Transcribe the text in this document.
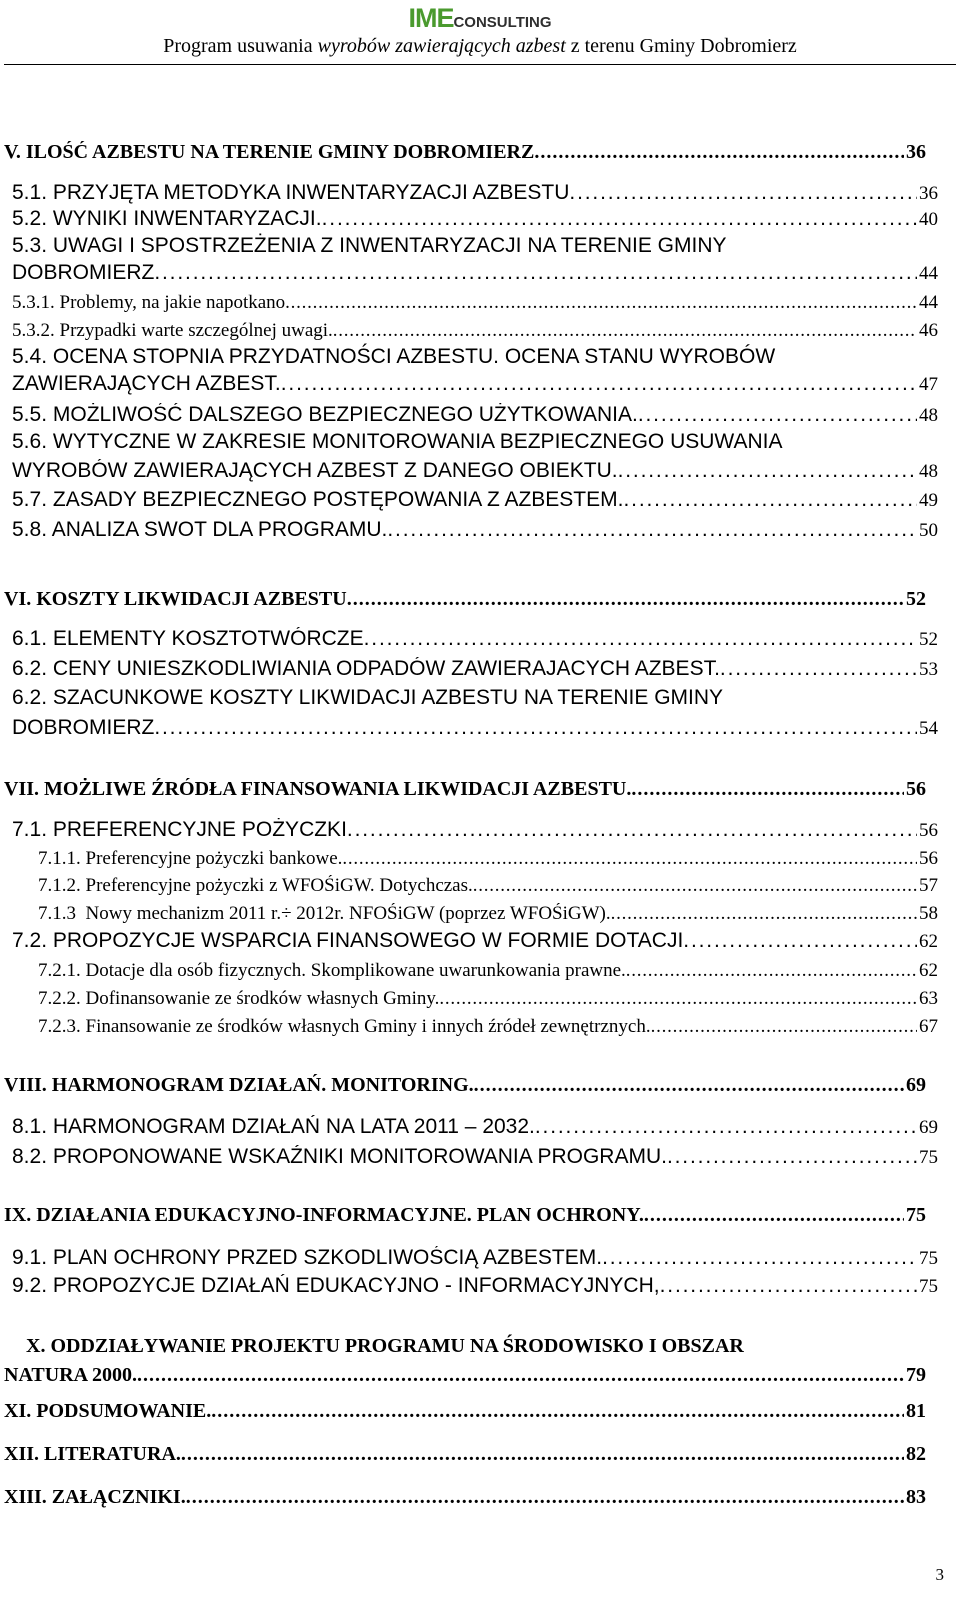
IMECONSULTING
Program usuwania wyrobów zawierających azbest z terenu Gminy Dobromierz
V. ILOŚĆ AZBESTU NA TERENIE GMINY DOBROMIERZ . . .	36
5.1. PRZYJĘTA METODYKA INWENTARYZACJI AZBESTU . . .	36
5.2. WYNIKI INWENTARYZACJI. . . .	40
5.3. UWAGI I SPOSTRZEŻENIA Z INWENTARYZACJI NA TERENIE GMINY
DOBROMIERZ . . .	44
5.3.1. Problemy, na jakie napotkano . . .	44
5.3.2. Przypadki warte szczególnej uwagi. . . .	46
5.4. OCENA STOPNIA PRZYDATNOŚCI AZBESTU. OCENA STANU WYROBÓW
ZAWIERAJĄCYCH AZBEST. . . .	47
5.5. MOŻLIWOŚĆ DALSZEGO BEZPIECZNEGO UŻYTKOWANIA. . . .	48
5.6. WYTYCZNE W ZAKRESIE MONITOROWANIA BEZPIECZNEGO USUWANIA
WYROBÓW ZAWIERAJĄCYCH AZBEST Z DANEGO OBIEKTU. . . .	48
5.7. ZASADY BEZPIECZNEGO POSTĘPOWANIA Z AZBESTEM. . . .	49
5.8. ANALIZA SWOT DLA PROGRAMU. . . .	50
VI. KOSZTY LIKWIDACJI AZBESTU . . .	52
6.1. ELEMENTY KOSZTOTWÓRCZE . . .	52
6.2. CENY UNIESZKODLIWIANIA ODPADÓW ZAWIERAJACYCH AZBEST. . . .	53
6.2. SZACUNKOWE KOSZTY LIKWIDACJI AZBESTU NA TERENIE GMINY
DOBROMIERZ . . .	54
VII. MOŻLIWE ŹRÓDŁA FINANSOWANIA LIKWIDACJI AZBESTU. . . .	56
7.1. PREFERENCYJNE POŻYCZKI . . .	56
7.1.1. Preferencyjne pożyczki bankowe. . . .	56
7.1.2. Preferencyjne pożyczki z WFOŚiGW. Dotychczas. . . .	57
7.1.3  Nowy mechanizm 2011 r.÷ 2012r. NFOŚiGW (poprzez WFOŚiGW). . . .	58
7.2. PROPOZYCJE WSPARCIA FINANSOWEGO W FORMIE DOTACJI . . .	62
7.2.1. Dotacje dla osób fizycznych. Skomplikowane uwarunkowania prawne. . . .	62
7.2.2. Dofinansowanie ze środków własnych Gminy. . . .	63
7.2.3. Finansowanie ze środków własnych Gminy i innych źródeł zewnętrznych. . . .	67
VIII. HARMONOGRAM DZIAŁAŃ. MONITORING. . . .	69
8.1. HARMONOGRAM DZIAŁAŃ NA LATA 2011 – 2032. . . .	69
8.2. PROPONOWANE WSKAŹNIKI MONITOROWANIA PROGRAMU. . . .	75
IX. DZIAŁANIA EDUKACYJNO-INFORMACYJNE. PLAN OCHRONY. . . .	75
9.1. PLAN OCHRONY PRZED SZKODLIWOŚCIĄ AZBESTEM. . . .	75
9.2. PROPOZYCJE DZIAŁAŃ EDUKACYJNO - INFORMACYJNYCH, . . .	75
X. ODDZIAŁYWANIE PROJEKTU PROGRAMU NA ŚRODOWISKO I OBSZAR
NATURA 2000. . . .	79
XI. PODSUMOWANIE. . . .	81
XII. LITERATURA. . . .	82
XIII. ZAŁĄCZNIKI. . . .	83
3
